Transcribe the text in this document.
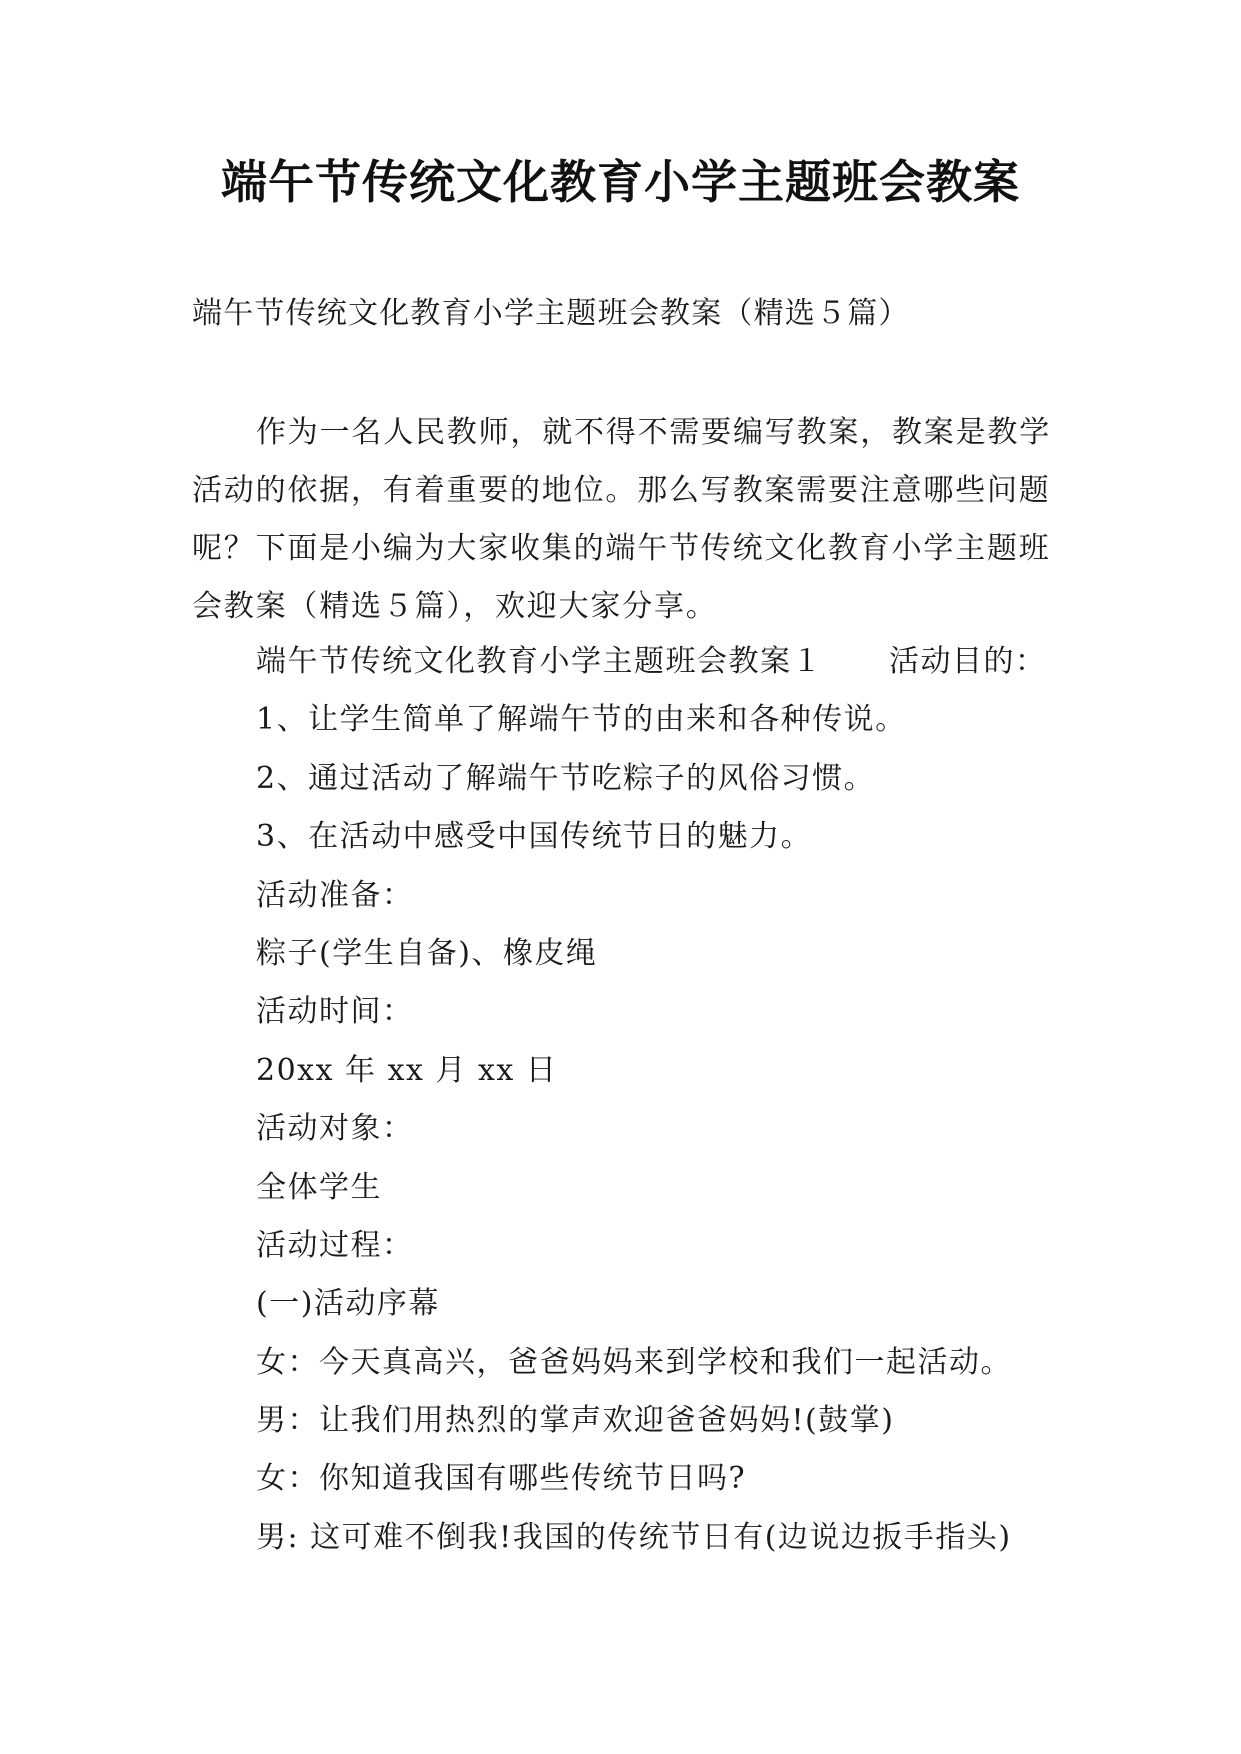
端午节传统文化教育小学主题班会教案
端午节传统文化教育小学主题班会教案（精选５篇）

作为一名人民教师，就不得不需要编写教案，教案是教学活动的依据，有着重要的地位。那么写教案需要注意哪些问题呢？下面是小编为大家收集的端午节传统文化教育小学主题班会教案（精选５篇），欢迎大家分享。

端午节传统文化教育小学主题班会教案１ 活动目的：
1、让学生简单了解端午节的由来和各种传说。
2、通过活动了解端午节吃粽子的风俗习惯。
3、在活动中感受中国传统节日的魅力。
活动准备：
粽子(学生自备)、橡皮绳
活动时间：
20xx 年 xx 月 xx 日
活动对象：
全体学生
活动过程：
(一)活动序幕
女：今天真高兴，爸爸妈妈来到学校和我们一起活动。
男：让我们用热烈的掌声欢迎爸爸妈妈!(鼓掌)
女：你知道我国有哪些传统节日吗?
男: 这可难不倒我!我国的传统节日有(边说边扳手指头)
